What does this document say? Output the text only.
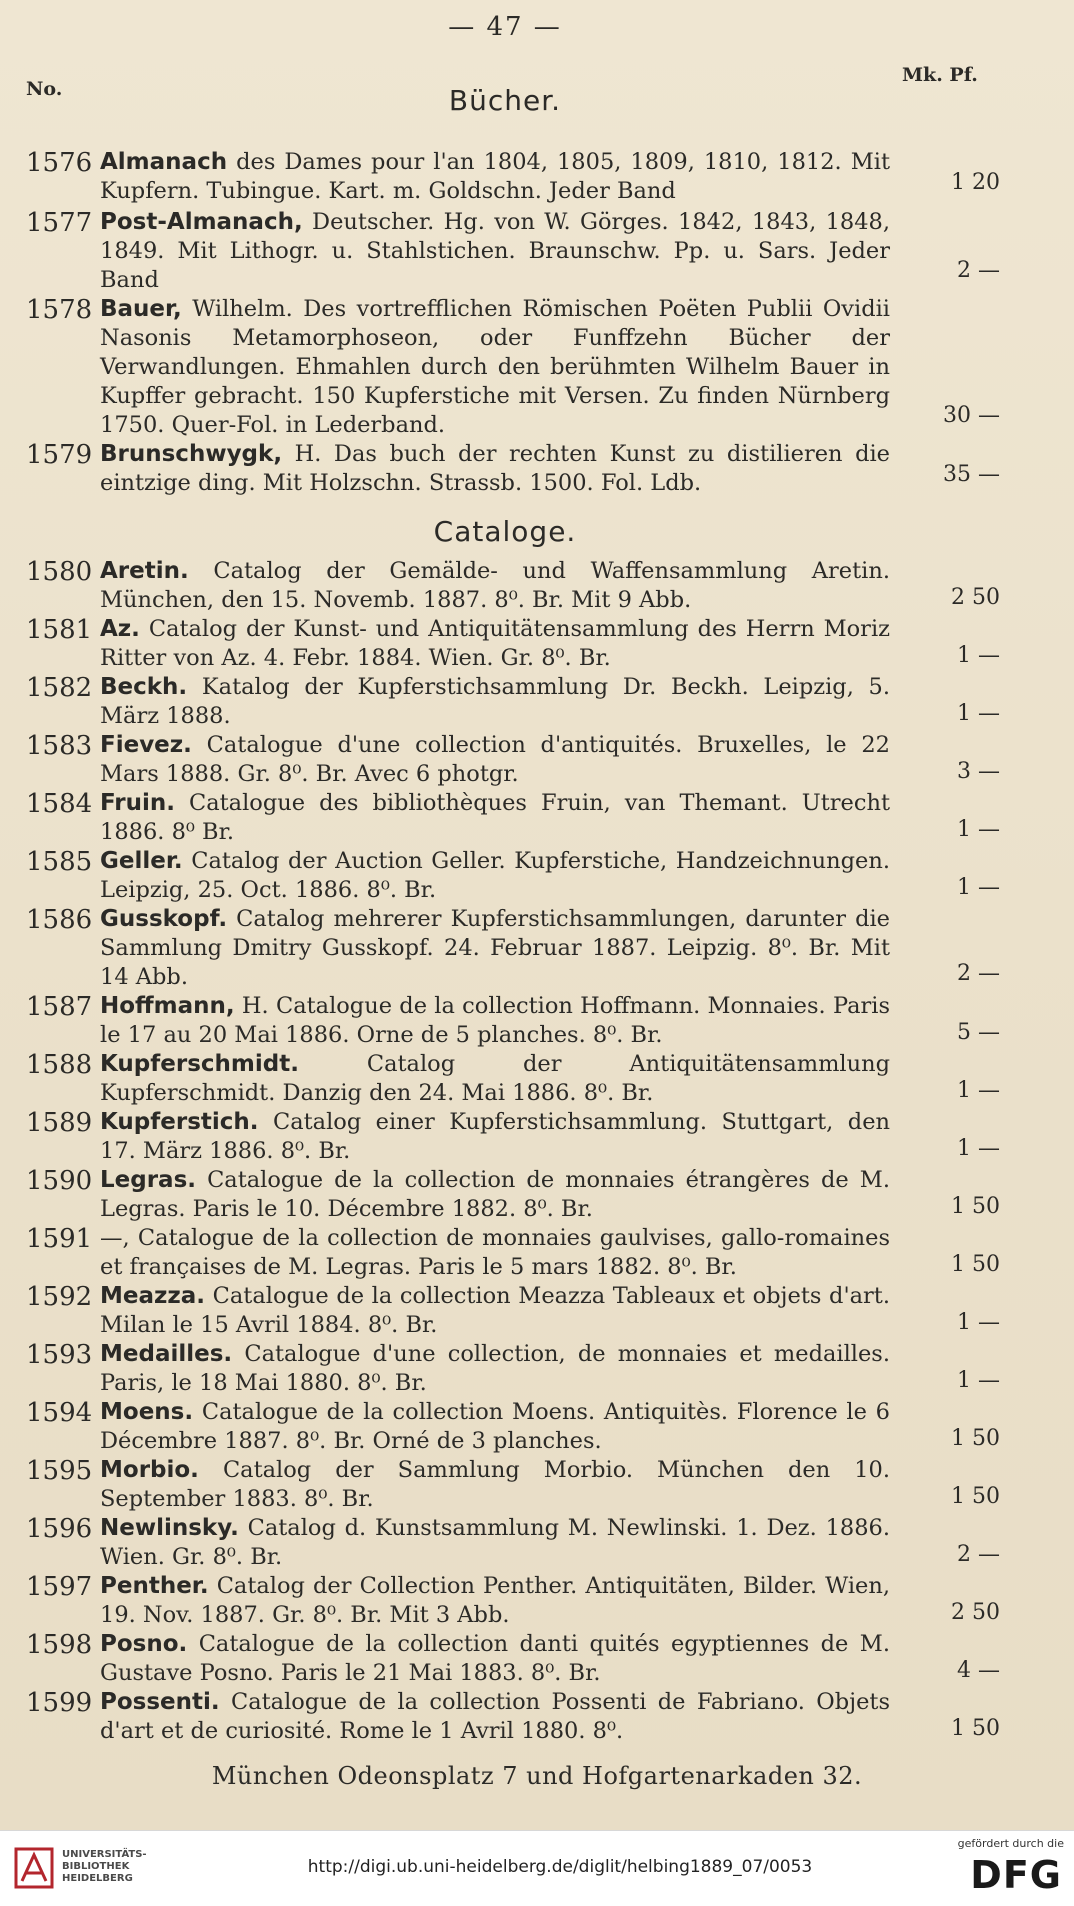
— 47 —
No.
Mk. Pf.
Bücher.
1576 Almanach des Dames pour l'an 1804, 1805, 1809, 1810, 1812. Mit Kupfern. Tubingue. Kart. m. Goldschn. Jeder Band	1 20
1577 Post-Almanach, Deutscher. Hg. von W. Görges. 1842, 1843, 1848, 1849. Mit Lithogr. u. Stahlstichen. Braunschw. Pp. u. Sars. Jeder Band	2 —
1578 Bauer, Wilhelm. Des vortrefflichen Römischen Poëten Publii Ovidii Nasonis Metamorphoseon, oder Funffzehn Bücher der Verwandlungen. Ehmahlen durch den berühmten Wilhelm Bauer in Kupffer gebracht. 150 Kupferstiche mit Versen. Zu finden Nürnberg 1750. Quer-Fol. in Lederband.	30 —
1579 Brunschwygk, H. Das buch der rechten Kunst zu distilieren die eintzige ding. Mit Holzschn. Strassb. 1500. Fol. Ldb.	35 —
Cataloge.
1580 Aretin. Catalog der Gemälde- und Waffensammlung Aretin. München, den 15. Novemb. 1887. 8⁰. Br. Mit 9 Abb.	2 50
1581 Az. Catalog der Kunst- und Antiquitätensammlung des Herrn Moriz Ritter von Az. 4. Febr. 1884. Wien. Gr. 8⁰. Br.	1 —
1582 Beckh. Katalog der Kupferstichsammlung Dr. Beckh. Leipzig, 5. März 1888.	1 —
1583 Fievez. Catalogue d'une collection d'antiquités. Bruxelles, le 22 Mars 1888. Gr. 8⁰. Br. Avec 6 photgr.	3 —
1584 Fruin. Catalogue des bibliothèques Fruin, van Themant. Utrecht 1886. 8⁰ Br.	1 —
1585 Geller. Catalog der Auction Geller. Kupferstiche, Handzeichnungen. Leipzig, 25. Oct. 1886. 8⁰. Br.	1 —
1586 Gusskopf. Catalog mehrerer Kupferstichsammlungen, darunter die Sammlung Dmitry Gusskopf. 24. Februar 1887. Leipzig. 8⁰. Br. Mit 14 Abb.	2 —
1587 Hoffmann, H. Catalogue de la collection Hoffmann. Monnaies. Paris le 17 au 20 Mai 1886. Orne de 5 planches. 8⁰. Br.	5 —
1588 Kupferschmidt. Catalog der Antiquitätensammlung Kupferschmidt. Danzig den 24. Mai 1886. 8⁰. Br.	1 —
1589 Kupferstich. Catalog einer Kupferstichsammlung. Stuttgart, den 17. März 1886. 8⁰. Br.	1 —
1590 Legras. Catalogue de la collection de monnaies étrangères de M. Legras. Paris le 10. Décembre 1882. 8⁰. Br.	1 50
1591 —, Catalogue de la collection de monnaies gaulvises, gallo-romaines et françaises de M. Legras. Paris le 5 mars 1882. 8⁰. Br.	1 50
1592 Meazza. Catalogue de la collection Meazza Tableaux et objets d'art. Milan le 15 Avril 1884. 8⁰. Br.	1 —
1593 Medailles. Catalogue d'une collection, de monnaies et medailles. Paris, le 18 Mai 1880. 8⁰. Br.	1 —
1594 Moens. Catalogue de la collection Moens. Antiquitès. Florence le 6 Décembre 1887. 8⁰. Br. Orné de 3 planches.	1 50
1595 Morbio. Catalog der Sammlung Morbio. München den 10. September 1883. 8⁰. Br.	1 50
1596 Newlinsky. Catalog d. Kunstsammlung M. Newlinski. 1. Dez. 1886. Wien. Gr. 8⁰. Br.	2 —
1597 Penther. Catalog der Collection Penther. Antiquitäten, Bilder. Wien, 19. Nov. 1887. Gr. 8⁰. Br. Mit 3 Abb.	2 50
1598 Posno. Catalogue de la collection danti quités egyptiennes de M. Gustave Posno. Paris le 21 Mai 1883. 8⁰. Br.	4 —
1599 Possenti. Catalogue de la collection Possenti de Fabriano. Objets d'art et de curiosité. Rome le 1 Avril 1880. 8⁰.	1 50
München Odeonsplatz 7 und Hofgartenarkaden 32.
UNIVERSITÄTS-
BIBLIOTHEK
HEIDELBERG
http://digi.ub.uni-heidelberg.de/diglit/helbing1889_07/0053
gefördert durch die
DFG
